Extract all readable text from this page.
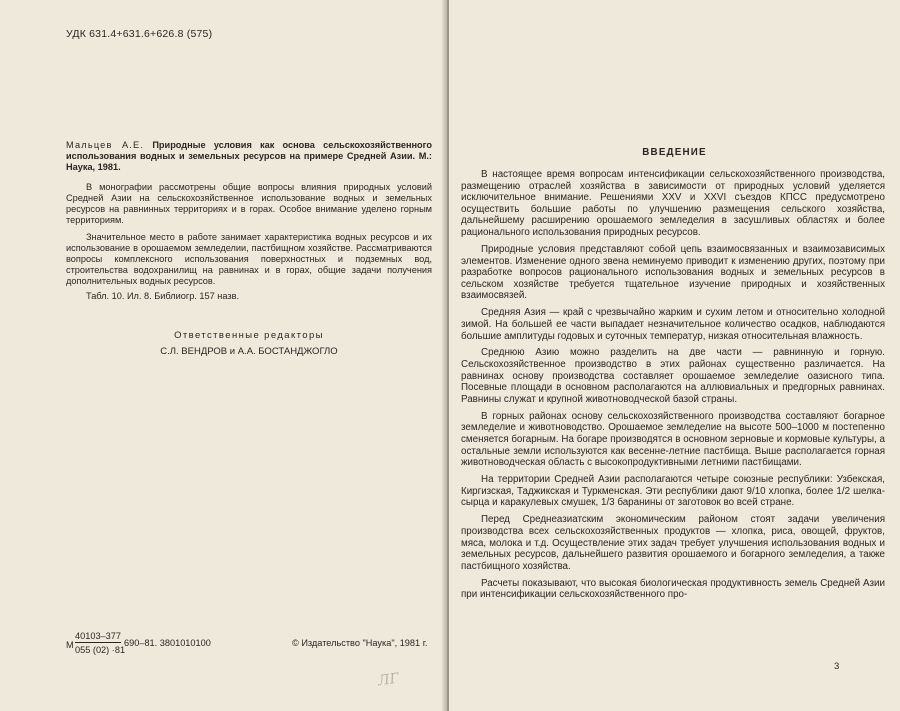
УДК 631.4+631.6+626.8 (575)

Мальцев А.Е. Природные условия как основа сельскохозяйственного использования водных и земельных ресурсов на примере Средней Азии. М.: Наука, 1981.

В монографии рассмотрены общие вопросы влияния природных условий Средней Азии на сельскохозяйственное использование водных и земельных ресурсов на равнинных территориях и в горах. Особое внимание уделено горным территориям.

Значительное место в работе занимает характеристика водных ресурсов и их использование в орошаемом земледелии, пастбищном хозяйстве. Рассматриваются вопросы комплексного использования поверхностных и подземных вод, строительства водохранилищ на равнинах и в горах, общие задачи получения дополнительных водных ресурсов.

Табл. 10. Ил. 8. Библиогр. 157 назв.

Ответственные редакторы
С.Л. ВЕНДРОВ и А.А. БОСТАНДЖОГЛО
М
40103–377
055 (02) ·81
690–81. 3801010100	© Издательство "Наука", 1981 г.
ЛГ
ВВЕДЕНИЕ

В настоящее время вопросам интенсификации сельскохозяйственного производства, размещению отраслей хозяйства в зависимости от природных условий уделяется исключительное внимание. Решениями XXV и XXVI съездов КПСС предусмотрено осуществить большие работы по улучшению размещения сельского хозяйства, дальнейшему расширению орошаемого земледелия в засушливых областях и более рационального использования природных ресурсов.

Природные условия представляют собой цепь взаимосвязанных и взаимозависимых элементов. Изменение одного звена неминуемо приводит к изменению других, поэтому при разработке вопросов рационального использования водных и земельных ресурсов в сельском хозяйстве требуется тщательное изучение природных и хозяйственных взаимосвязей.

Средняя Азия — край с чрезвычайно жарким и сухим летом и относительно холодной зимой. На большей ее части выпадает незначительное количество осадков, наблюдаются большие амплитуды годовых и суточных температур, низкая относительная влажность.

Среднюю Азию можно разделить на две части — равнинную и горную. Сельскохозяйственное производство в этих районах существенно различается. На равнинах основу производства составляет орошаемое земледелие оазисного типа. Посевные площади в основном располагаются на аллювиальных и предгорных равнинах. Равнины служат и крупной животноводческой базой страны.

В горных районах основу сельскохозяйственного производства составляют богарное земледелие и животноводство. Орошаемое земледелие на высоте 500–1000 м постепенно сменяется богарным. На богаре производятся в основном зерновые и кормовые культуры, а остальные земли используются как весенне-летние пастбища. Выше располагается горная животноводческая область с высокопродуктивными летними пастбищами.

На территории Средней Азии располагаются четыре союзные республики: Узбекская, Киргизская, Таджикская и Туркменская. Эти республики дают 9/10 хлопка, более 1/2 шелка-сырца и каракулевых смушек, 1/3 баранины от заготовок во всей стране.

Перед Среднеазиатским экономическим районом стоят задачи увеличения производства всех сельскохозяйственных продуктов — хлопка, риса, овощей, фруктов, мяса, молока и т.д. Осуществление этих задач требует улучшения использования водных и земельных ресурсов, дальнейшего развития орошаемого и богарного земледелия, а также пастбищного хозяйства.

Расчеты показывают, что высокая биологическая продуктивность земель Средней Азии при интенсификации сельскохозяйственного про-

3
